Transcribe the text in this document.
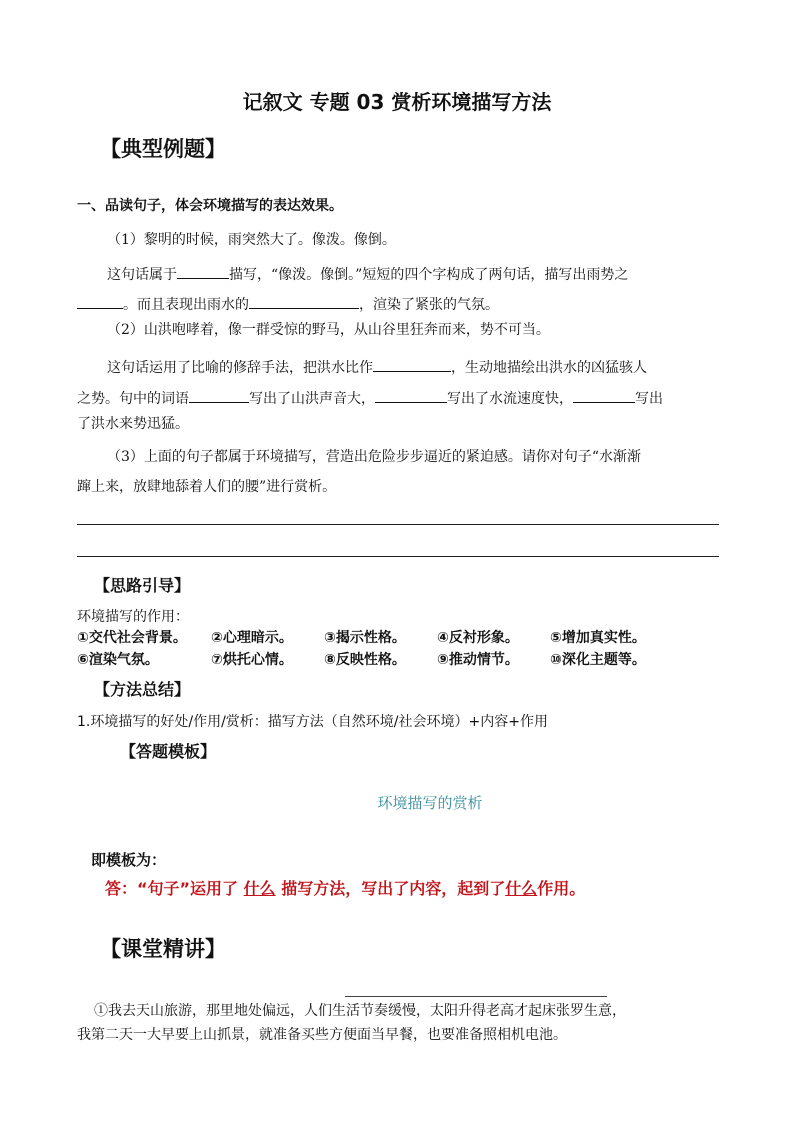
记叙文 专题 03 赏析环境描写方法
【典型例题】
一、品读句子，体会环境描写的表达效果。
（1）黎明的时候，雨突然大了。像泼。像倒。
这句话属于	描写，“像泼。像倒。”短短的四个字构成了两句话，描写出雨势之
。而且表现出雨水的	，渲染了紧张的气氛。
（2）山洪咆哮着，像一群受惊的野马，从山谷里狂奔而来，势不可当。
这句话运用了比喻的修辞手法，把洪水比作	，生动地描绘出洪水的凶猛骇人
之势。句中的词语	写出了山洪声音大，	写出了水流速度快，	写出
了洪水来势迅猛。
（3）上面的句子都属于环境描写，营造出危险步步逼近的紧迫感。请你对句子“水渐渐
蹿上来，放肆地舔着人们的腰”进行赏析。
【思路引导】
环境描写的作用：
①交代社会背景。 ②心理暗示。 ③揭示性格。 ④反衬形象。 ⑤增加真实性。
⑥渲染气氛。	⑦烘托心情。 ⑧反映性格。 ⑨推动情节。 ⑩深化主题等。
【方法总结】
1.环境描写的好处/作用/赏析：描写方法（自然环境/社会环境）+内容+作用
【答题模板】
环境描写的赏析
即模板为：
答：“句子”运用了 什么 描写方法，写出了内容，起到了什么作用。
【课堂精讲】
①我去天山旅游，那里地处偏远，人们生活节奏缓慢，太阳升得老高才起床张罗生意，
我第二天一大早要上山抓景，就准备买些方便面当早餐，也要准备照相机电池。
